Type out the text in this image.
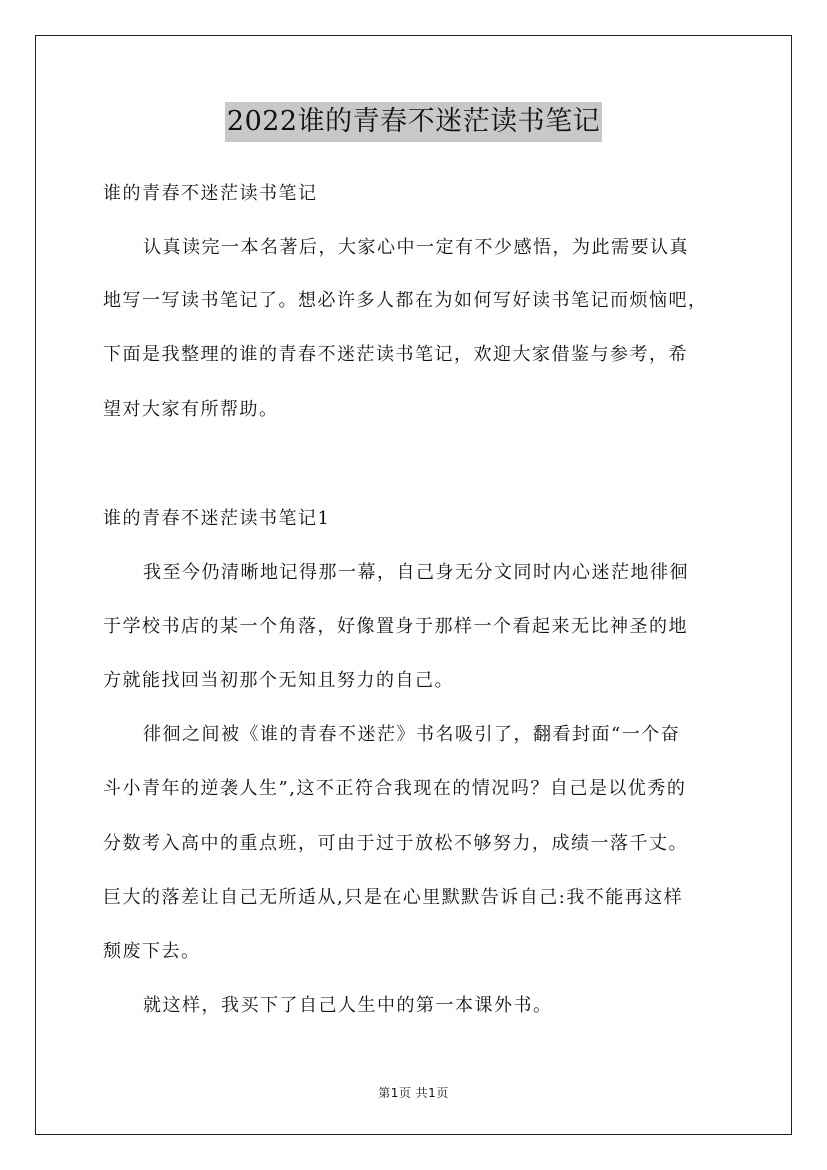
2022谁的青春不迷茫读书笔记
谁的青春不迷茫读书笔记
认真读完一本名著后，大家心中一定有不少感悟，为此需要认真
地写一写读书笔记了。想必许多人都在为如何写好读书笔记而烦恼吧，
下面是我整理的谁的青春不迷茫读书笔记，欢迎大家借鉴与参考，希
望对大家有所帮助。
谁的青春不迷茫读书笔记1
我至今仍清晰地记得那一幕，自己身无分文同时内心迷茫地徘徊
于学校书店的某一个角落，好像置身于那样一个看起来无比神圣的地
方就能找回当初那个无知且努力的自己。
徘徊之间被《谁的青春不迷茫》书名吸引了，翻看封面“一个奋
斗小青年的逆袭人生”,这不正符合我现在的情况吗？自己是以优秀的
分数考入高中的重点班，可由于过于放松不够努力，成绩一落千丈。
巨大的落差让自己无所适从,只是在心里默默告诉自己:我不能再这样
颓废下去。
就这样，我买下了自己人生中的第一本课外书。
第1页 共1页
